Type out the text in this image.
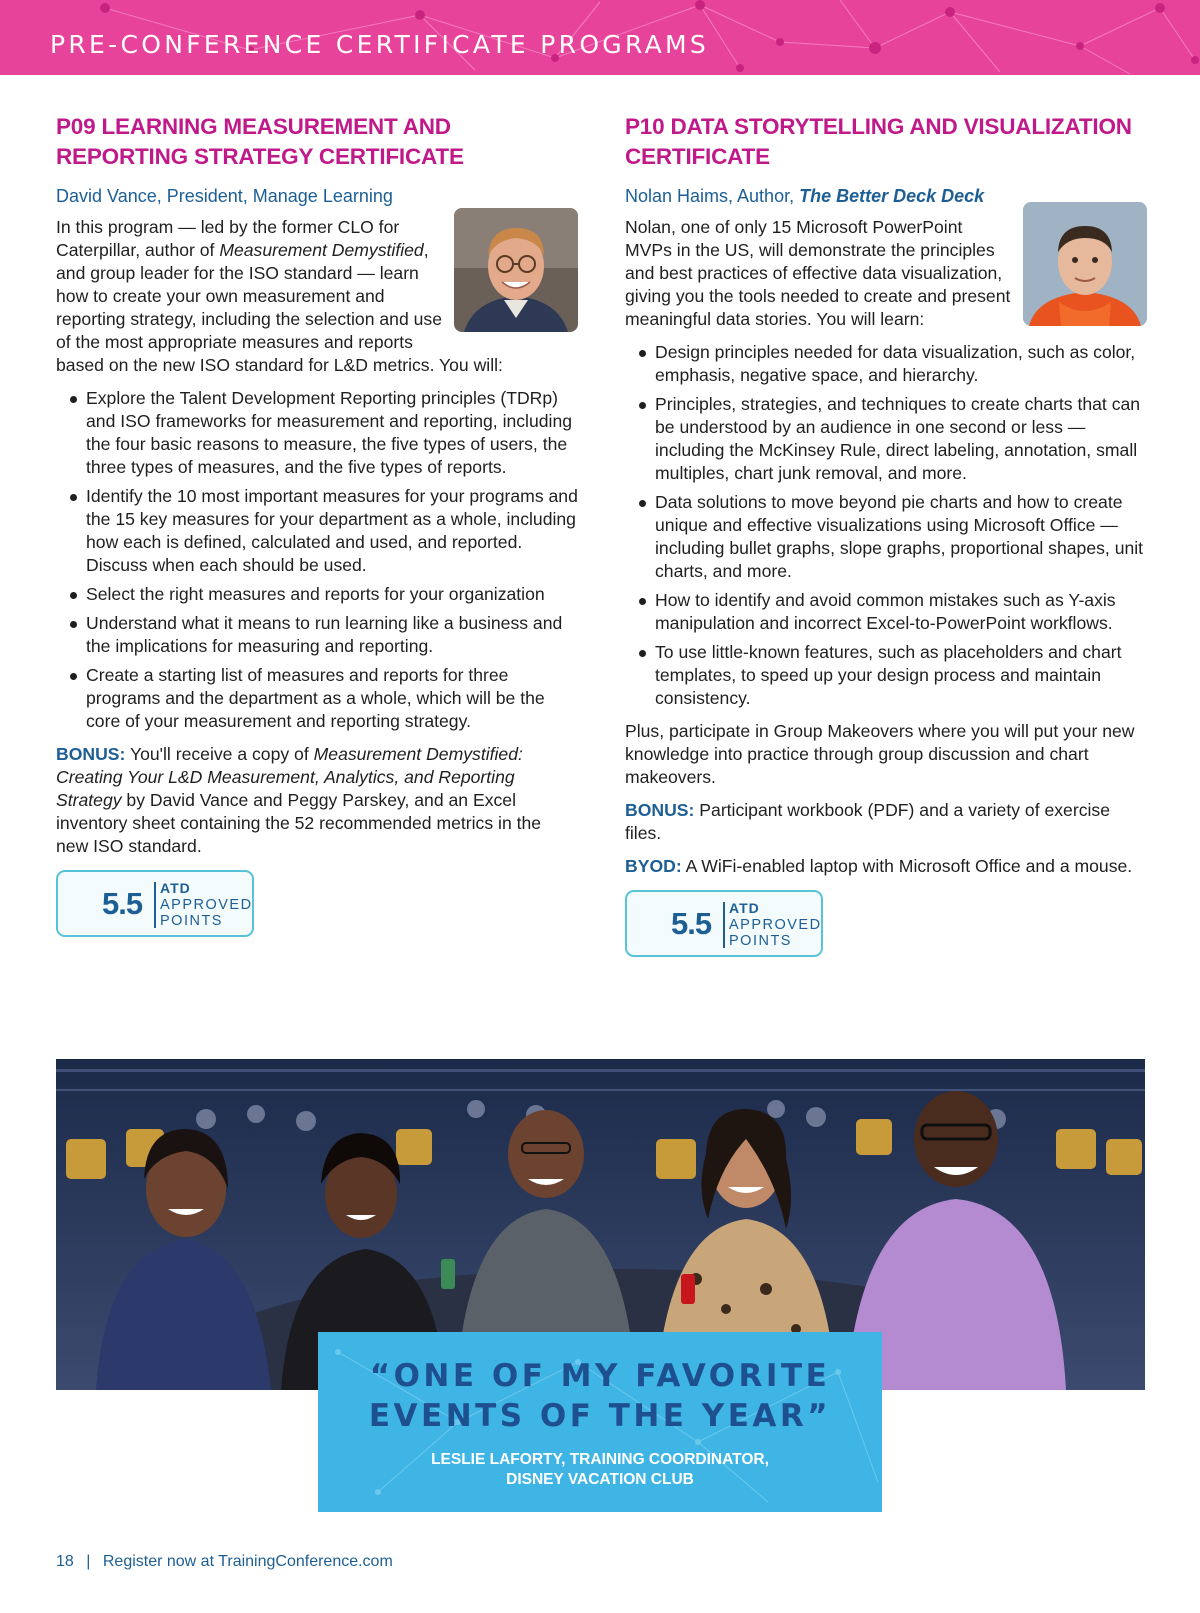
PRE-CONFERENCE CERTIFICATE PROGRAMS
P09 LEARNING MEASUREMENT AND
REPORTING STRATEGY CERTIFICATE
David Vance, President, Manage Learning
In this program — led by the former CLO for Caterpillar, author of Measurement Demystified, and group leader for the ISO standard — learn how to create your own measurement and reporting strategy, including the selection and use of the most appropriate measures and reports based on the new ISO standard for L&D metrics. You will:
Explore the Talent Development Reporting principles (TDRp) and ISO frameworks for measurement and reporting, including the four basic reasons to measure, the five types of users, the three types of measures, and the five types of reports.
Identify the 10 most important measures for your programs and the 15 key measures for your department as a whole, including how each is defined, calculated and used, and reported. Discuss when each should be used.
Select the right measures and reports for your organization
Understand what it means to run learning like a business and the implications for measuring and reporting.
Create a starting list of measures and reports for three programs and the department as a whole, which will be the core of your measurement and reporting strategy.
BONUS: You'll receive a copy of Measurement Demystified: Creating Your L&D Measurement, Analytics, and Reporting Strategy by David Vance and Peggy Parskey, and an Excel inventory sheet containing the 52 recommended metrics in the new ISO standard.
5.5 ATD
APPROVED
POINTS
P10 DATA STORYTELLING AND VISUALIZATION
CERTIFICATE
Nolan Haims, Author, The Better Deck Deck
Nolan, one of only 15 Microsoft PowerPoint MVPs in the US, will demonstrate the principles and best practices of effective data visualization, giving you the tools needed to create and present meaningful data stories. You will learn:
Design principles needed for data visualization, such as color, emphasis, negative space, and hierarchy.
Principles, strategies, and techniques to create charts that can be understood by an audience in one second or less — including the McKinsey Rule, direct labeling, annotation, small multiples, chart junk removal, and more.
Data solutions to move beyond pie charts and how to create unique and effective visualizations using Microsoft Office — including bullet graphs, slope graphs, proportional shapes, unit charts, and more.
How to identify and avoid common mistakes such as Y-axis manipulation and incorrect Excel-to-PowerPoint workflows.
To use little-known features, such as placeholders and chart templates, to speed up your design process and maintain consistency.
Plus, participate in Group Makeovers where you will put your new knowledge into practice through group discussion and chart makeovers.
BONUS: Participant workbook (PDF) and a variety of exercise files.
BYOD: A WiFi-enabled laptop with Microsoft Office and a mouse.
5.5 ATD
APPROVED
POINTS
“ONE OF MY FAVORITE
EVENTS OF THE YEAR”
LESLIE LAFORTY, TRAINING COORDINATOR,
DISNEY VACATION CLUB
18 | Register now at TrainingConference.com
